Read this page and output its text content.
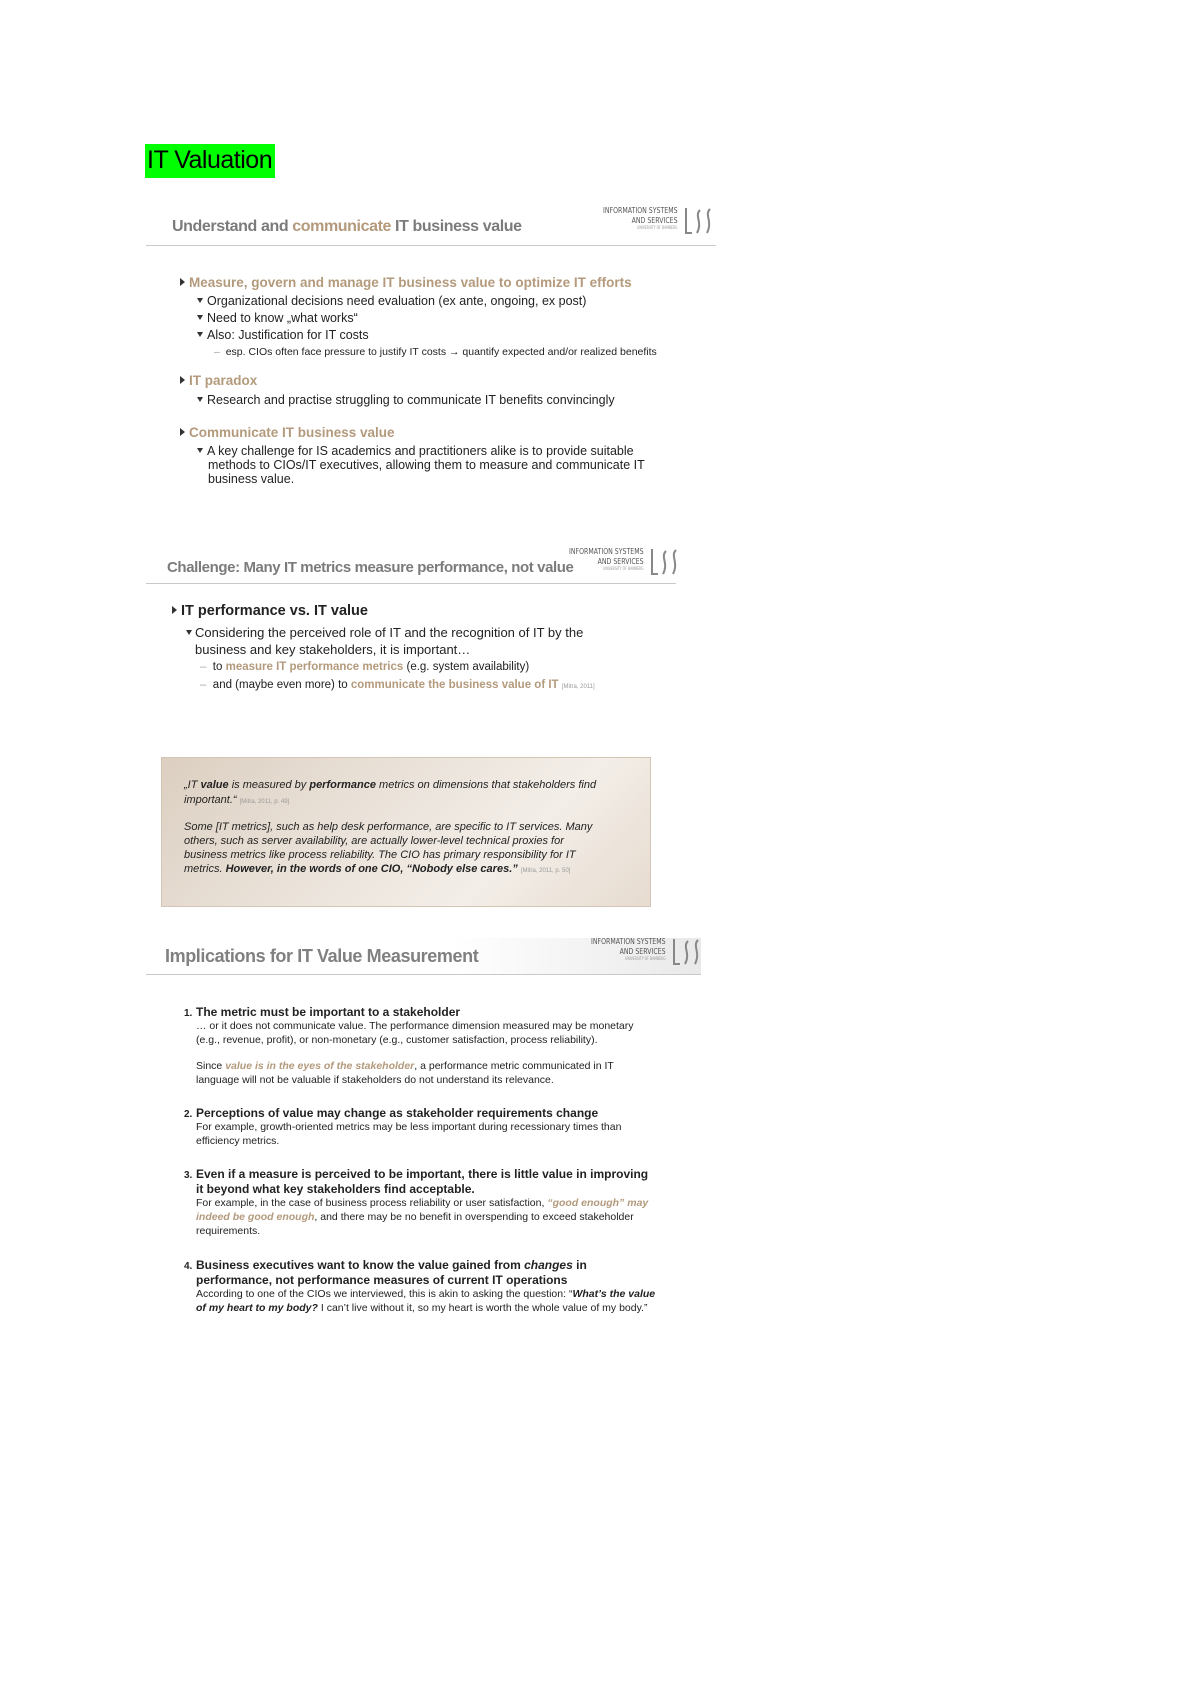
IT Valuation
Understand and communicate IT business value
INFORMATION SYSTEMS
AND SERVICES
UNIVERSITY OF BAMBERG
Measure, govern and manage IT business value to optimize IT efforts
Organizational decisions need evaluation (ex ante, ongoing, ex post)
Need to know „what works“
Also: Justification for IT costs
–  esp. CIOs often face pressure to justify IT costs → quantify expected and/or realized benefits
IT paradox
Research and practise struggling to communicate IT benefits convincingly
Communicate IT business value
A key challenge for IS academics and practitioners alike is to provide suitable
methods to CIOs/IT executives, allowing them to measure and communicate IT
business value.
Challenge: Many IT metrics measure performance, not value
INFORMATION SYSTEMS
AND SERVICES
UNIVERSITY OF BAMBERG
IT performance vs. IT value
Considering the perceived role of IT and the recognition of IT by the
business and key stakeholders, it is important…
–  to measure IT performance metrics (e.g. system availability)
–  and (maybe even more) to communicate the business value of IT [Mitra, 2011]
„IT value is measured by performance metrics on dimensions that stakeholders find
important.“ [Mitra, 2011, p. 49]
Some [IT metrics], such as help desk performance, are specific to IT services. Many
others, such as server availability, are actually lower-level technical proxies for
business metrics like process reliability. The CIO has primary responsibility for IT
metrics. However, in the words of one CIO, “Nobody else cares.” [Mitra, 2011, p. 50]
Implications for IT Value Measurement
INFORMATION SYSTEMS
AND SERVICES
UNIVERSITY OF BAMBERG
1. The metric must be important to a stakeholder
… or it does not communicate value. The performance dimension measured may be monetary
(e.g., revenue, profit), or non-monetary (e.g., customer satisfaction, process reliability).
Since value is in the eyes of the stakeholder, a performance metric communicated in IT
language will not be valuable if stakeholders do not understand its relevance.
2. Perceptions of value may change as stakeholder requirements change
For example, growth-oriented metrics may be less important during recessionary times than
efficiency metrics.
3. Even if a measure is perceived to be important, there is little value in improving
it beyond what key stakeholders find acceptable.
For example, in the case of business process reliability or user satisfaction, “good enough” may
indeed be good enough, and there may be no benefit in overspending to exceed stakeholder
requirements.
4. Business executives want to know the value gained from changes in
performance, not performance measures of current IT operations
According to one of the CIOs we interviewed, this is akin to asking the question: “What’s the value
of my heart to my body? I can’t live without it, so my heart is worth the whole value of my body.”
